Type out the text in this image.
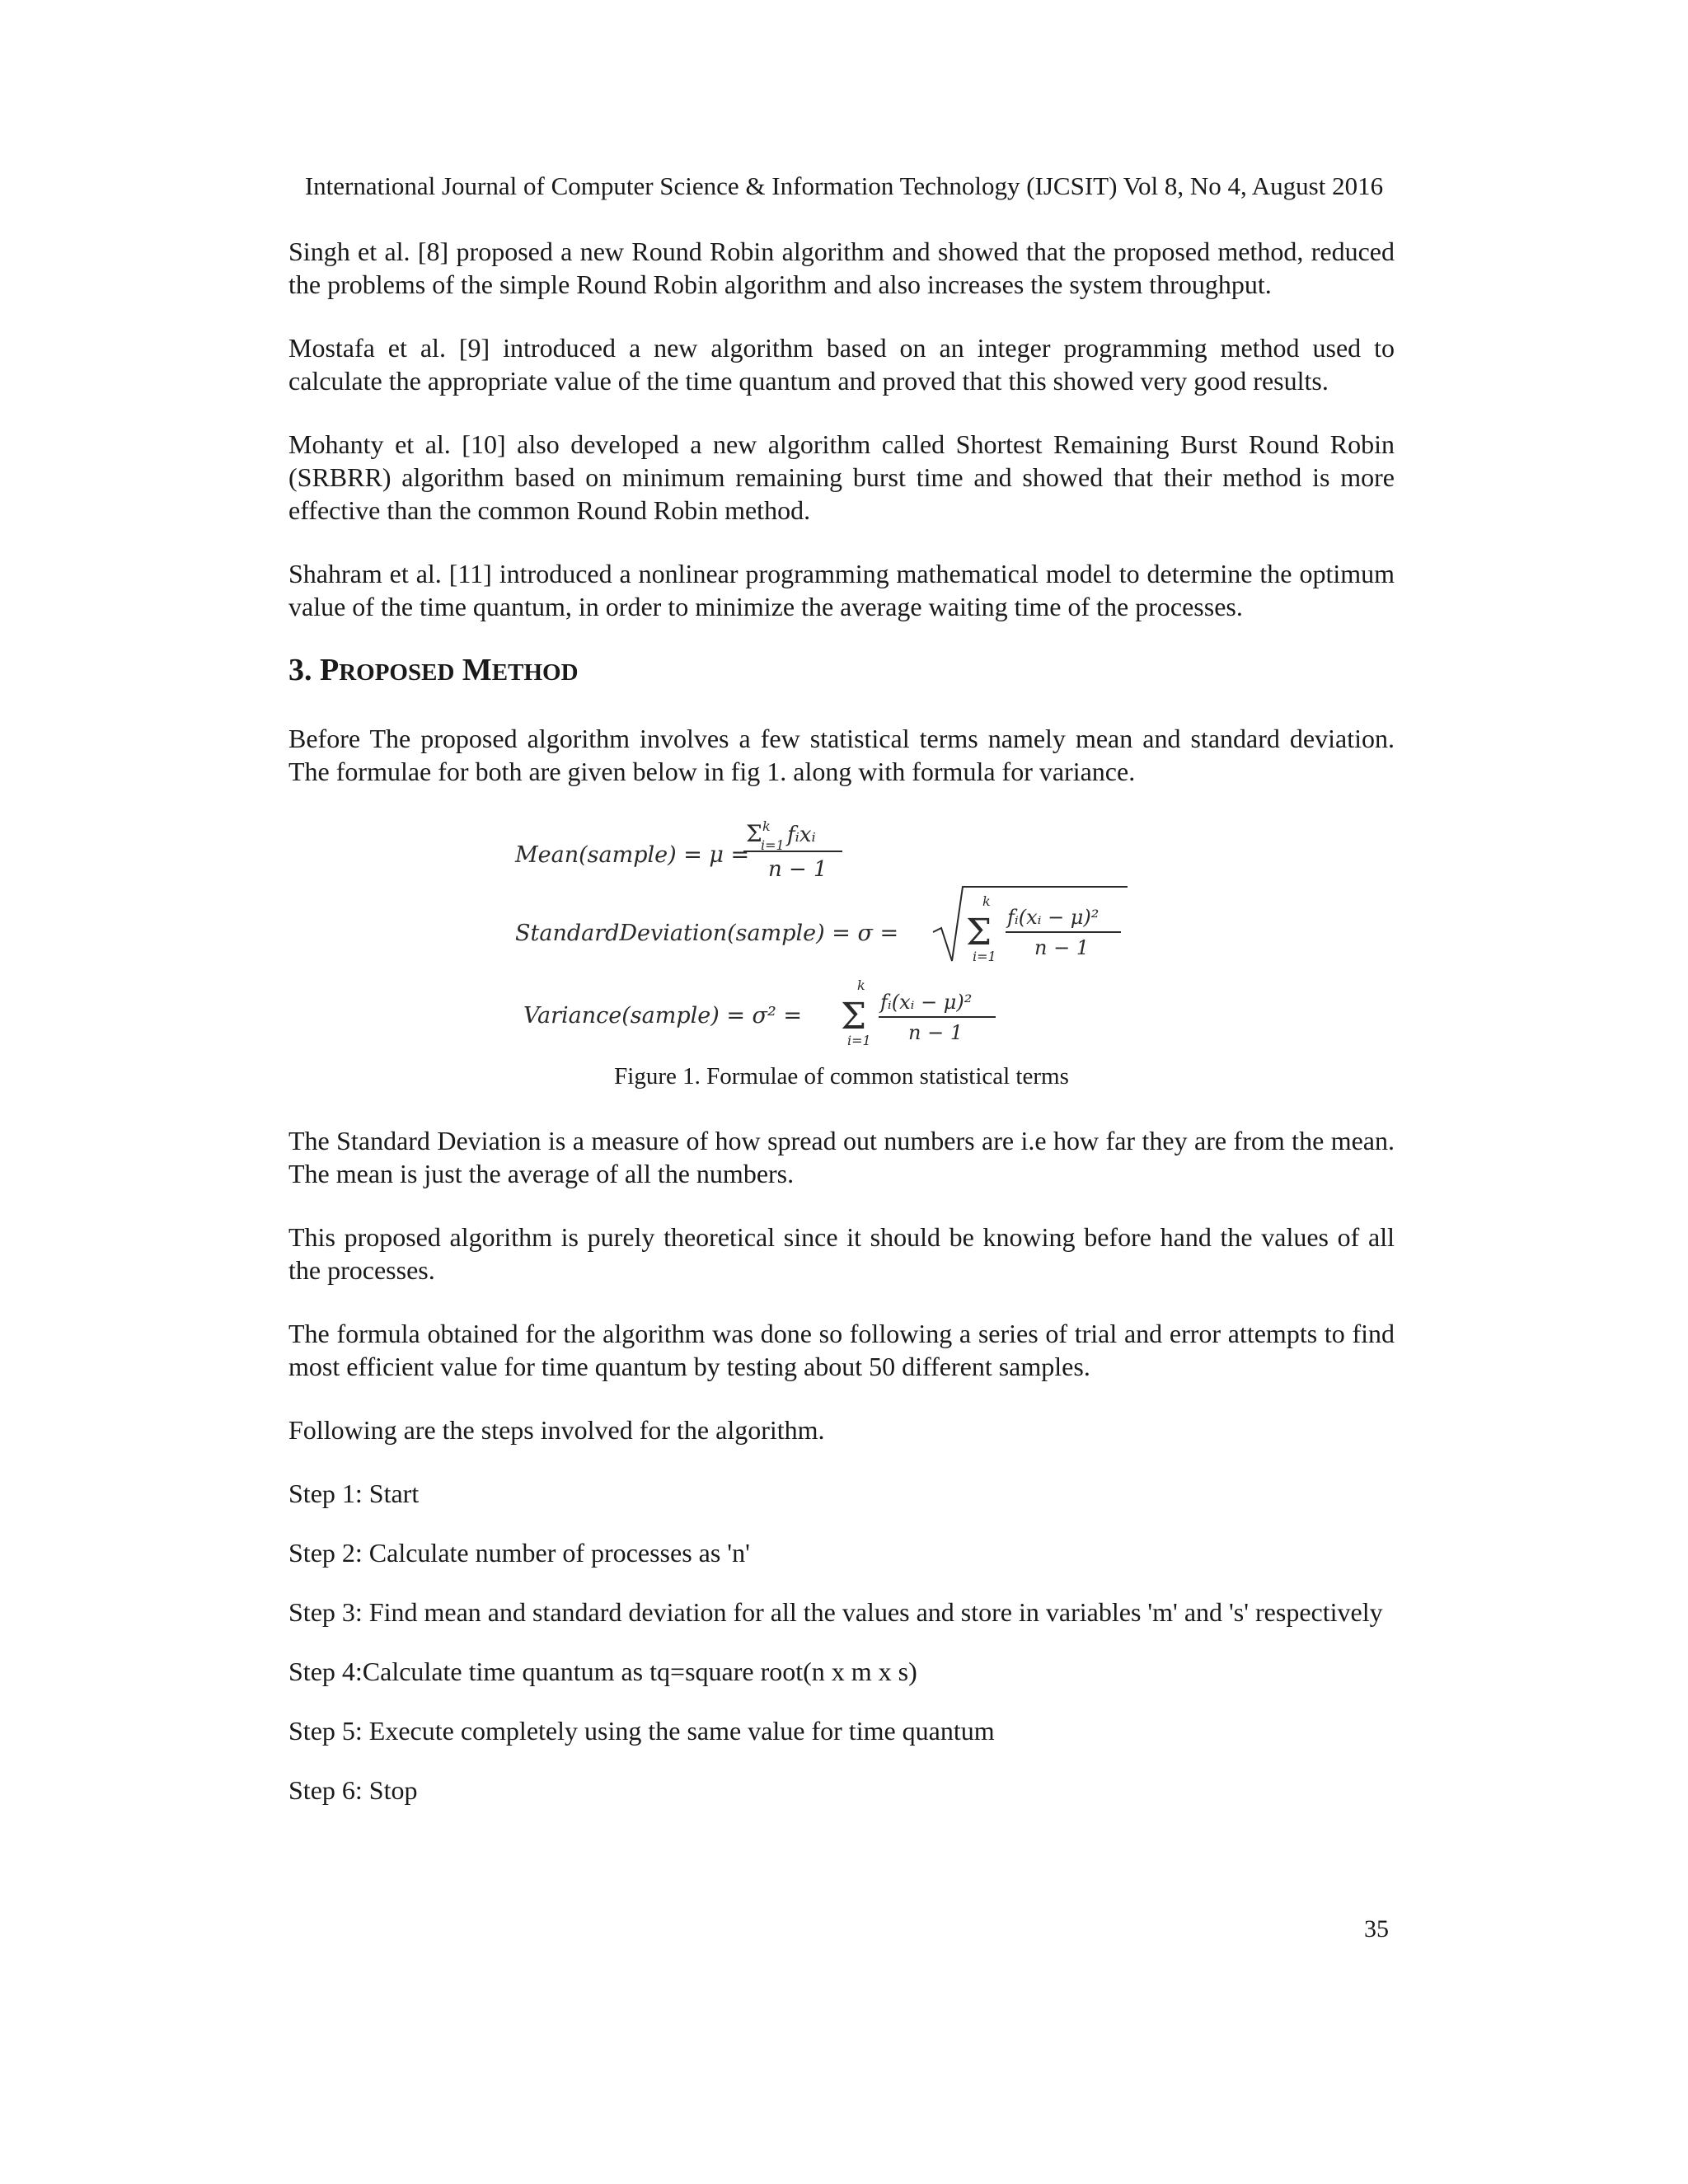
International Journal of Computer Science & Information Technology (IJCSIT) Vol 8, No 4, August 2016

Singh et al. [8] proposed a new Round Robin algorithm and showed that the proposed method, reduced the problems of the simple Round Robin algorithm and also increases the system throughput.

Mostafa et al. [9] introduced a new algorithm based on an integer programming method used to calculate the appropriate value of the time quantum and proved that this showed very good results.

Mohanty et al. [10] also developed a new algorithm called Shortest Remaining Burst Round Robin (SRBRR) algorithm based on minimum remaining burst time and showed that their method is more effective than the common Round Robin method.

Shahram et al. [11] introduced a nonlinear programming mathematical model to determine the optimum value of the time quantum, in order to minimize the average waiting time of the processes.

3. PROPOSED METHOD

Before The proposed algorithm involves a few statistical terms namely mean and standard deviation. The formulae for both are given below in fig 1. along with formula for variance.

Mean(sample) = μ =
Σ k
i=1 fᵢxᵢ
n − 1
StandardDeviation(sample) = σ =
k
Σ
i=1
fᵢ(xᵢ − μ)²
n − 1
Variance(sample) = σ² =
k
Σ
i=1
fᵢ(xᵢ − μ)²
n − 1

Figure 1. Formulae of common statistical terms

The Standard Deviation is a measure of how spread out numbers are i.e how far they are from the mean. The mean is just the average of all the numbers.

This proposed algorithm is purely theoretical since it should be knowing before hand the values of all the processes.

The formula obtained for the algorithm was done so following a series of trial and error attempts to find most efficient value for time quantum by testing about 50 different samples.

Following are the steps involved for the algorithm.

Step 1: Start

Step 2: Calculate number of processes as 'n'

Step 3: Find mean and standard deviation for all the values and store in variables 'm' and 's' respectively

Step 4:Calculate time quantum as tq=square root(n x m x s)

Step 5: Execute completely using the same value for time quantum

Step 6: Stop

35
